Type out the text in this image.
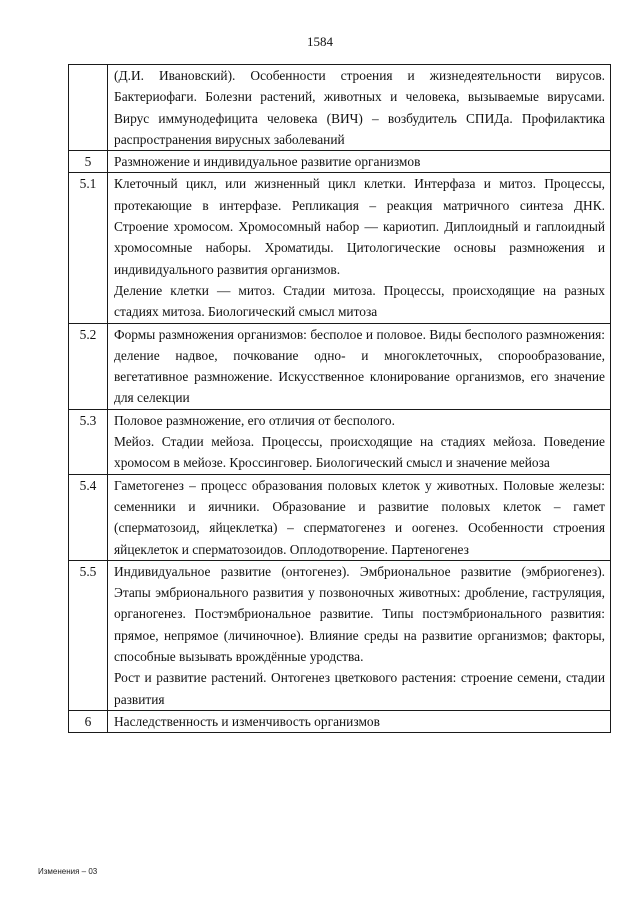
1584

	(Д.И. Ивановский). Особенности строения и жизнедеятельности вирусов. Бактериофаги. Болезни растений, животных и человека, вызываемые вирусами. Вирус иммунодефицита человека (ВИЧ) – возбудитель СПИДа. Профилактика распространения вирусных заболеваний

5	Размножение и индивидуальное развитие организмов

5.1	Клеточный цикл, или жизненный цикл клетки. Интерфаза и митоз. Процессы, протекающие в интерфазе. Репликация – реакция матричного синтеза ДНК. Строение хромосом. Хромосомный набор — кариотип. Диплоидный и гаплоидный хромосомные наборы. Хроматиды. Цитологические основы размножения и индивидуального развития организмов.

Деление клетки — митоз. Стадии митоза. Процессы, происходящие на разных стадиях митоза. Биологический смысл митоза

5.2	Формы размножения организмов: бесполое и половое. Виды бесполого размножения: деление надвое, почкование одно- и многоклеточных, спорообразование, вегетативное размножение. Искусственное клонирование организмов, его значение для селекции

5.3	Половое размножение, его отличия от бесполого.

Мейоз. Стадии мейоза. Процессы, происходящие на стадиях мейоза. Поведение хромосом в мейозе. Кроссинговер. Биологический смысл и значение мейоза

5.4	Гаметогенез – процесс образования половых клеток у животных. Половые железы: семенники и яичники. Образование и развитие половых клеток – гамет (сперматозоид, яйцеклетка) – сперматогенез и оогенез. Особенности строения яйцеклеток и сперматозоидов. Оплодотворение. Партеногенез

5.5	Индивидуальное развитие (онтогенез). Эмбриональное развитие (эмбриогенез). Этапы эмбрионального развития у позвоночных животных: дробление, гаструляция, органогенез. Постэмбриональное развитие. Типы постэмбрионального развития: прямое, непрямое (личиночное). Влияние среды на развитие организмов; факторы, способные вызывать врождённые уродства.

Рост и развитие растений. Онтогенез цветкового растения: строение семени, стадии развития

6	Наследственность и изменчивость организмов

Изменения – 03
